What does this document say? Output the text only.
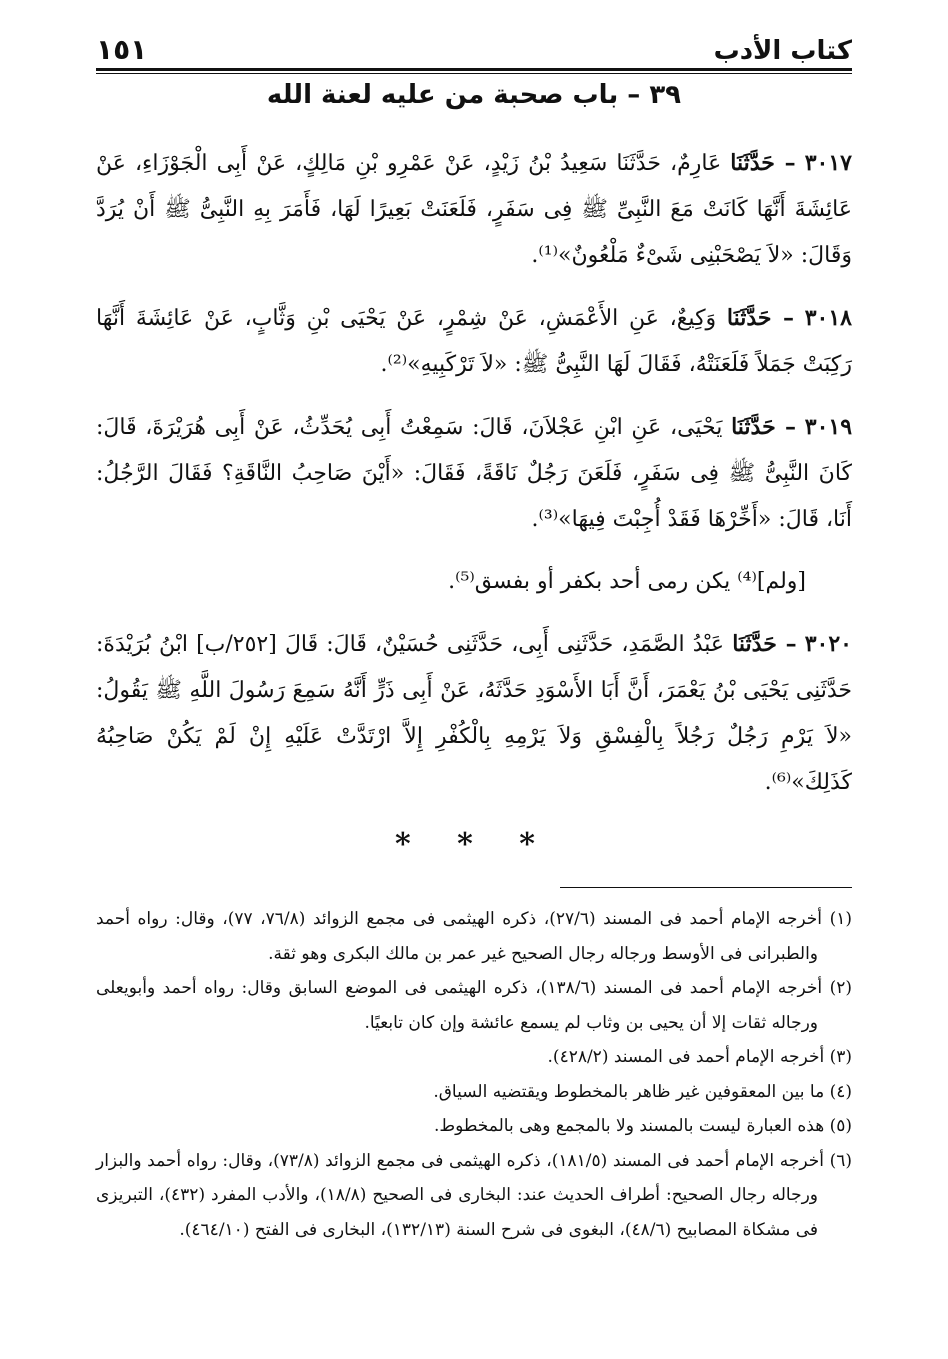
كتاب الأدب
١٥١
٣٩ – باب صحبة من عليه لعنة الله

٣٠١٧ – حَدَّثَنَا عَارِمٌ، حَدَّثَنَا سَعِيدُ بْنُ زَيْدٍ، عَنْ عَمْرِو بْنِ مَالِكٍ، عَنْ أَبِى الْجَوْزَاءِ، عَنْ عَائِشَةَ أَنَّهَا كَانَتْ مَعَ النَّبِىِّ ﷺ فِى سَفَرٍ، فَلَعَنَتْ بَعِيرًا لَهَا، فَأَمَرَ بِهِ النَّبِىُّ ﷺ أَنْ يُرَدَّ وَقَالَ: «لاَ يَصْحَبْنِى شَىْءٌ مَلْعُونٌ»⁽¹⁾.

٣٠١٨ – حَدَّثَنَا وَكِيعٌ، عَنِ الأَعْمَشِ، عَنْ شِمْرٍ، عَنْ يَحْيَى بْنِ وَثَّابٍ، عَنْ عَائِشَةَ أَنَّهَا رَكِبَتْ جَمَلاً فَلَعَنَتْهُ، فَقَالَ لَهَا النَّبِىُّ ﷺ: «لاَ تَرْكَبِيهِ»⁽²⁾.

٣٠١٩ – حَدَّثَنَا يَحْيَى، عَنِ ابْنِ عَجْلاَنَ، قَالَ: سَمِعْتُ أَبِى يُحَدِّثُ، عَنْ أَبِى هُرَيْرَةَ، قَالَ: كَانَ النَّبِىُّ ﷺ فِى سَفَرٍ، فَلَعَنَ رَجُلٌ نَاقَةً، فَقَالَ: «أَيْنَ صَاحِبُ النَّاقَةِ؟ فَقَالَ الرَّجُلُ: أَنَا، قَالَ: «أَخِّرْهَا فَقَدْ أُجِبْتَ فِيهَا»⁽³⁾.

[ولم]⁽⁴⁾ يكن رمى أحد بكفر أو بفسق⁽⁵⁾.

٣٠٢٠ – حَدَّثَنَا عَبْدُ الصَّمَدِ، حَدَّثَنِى أَبِى، حَدَّثَنِى حُسَيْنٌ، قَالَ: قَالَ [٢٥٢/ب] ابْنُ بُرَيْدَةَ: حَدَّثَنِى يَحْيَى بْنُ يَعْمَرَ، أَنَّ أَبَا الأَسْوَدِ حَدَّثَهُ، عَنْ أَبِى ذَرٍّ أَنَّهُ سَمِعَ رَسُولَ اللَّهِ ﷺ يَقُولُ: «لاَ يَرْمِ رَجُلٌ رَجُلاً بِالْفِسْقِ وَلاَ يَرْمِهِ بِالْكُفْرِ إِلاَّ ارْتَدَّتْ عَلَيْهِ إِنْ لَمْ يَكُنْ صَاحِبُهُ كَذَلِكَ»⁽⁶⁾.

* * *

(١) أخرجه الإمام أحمد فى المسند (٢٧/٦)، ذكره الهيثمى فى مجمع الزوائد (٧٦/٨، ٧٧)، وقال: رواه أحمد والطبرانى فى الأوسط ورجاله رجال الصحيح غير عمر بن مالك البكرى وهو ثقة.

(٢) أخرجه الإمام أحمد فى المسند (١٣٨/٦)، ذكره الهيثمى فى الموضع السابق وقال: رواه أحمد وأبويعلى ورجاله ثقات إلا أن يحيى بن وثاب لم يسمع عائشة وإن كان تابعيًا.

(٣) أخرجه الإمام أحمد فى المسند (٤٢٨/٢).

(٤) ما بين المعقوفين غير ظاهر بالمخطوط ويقتضيه السياق.

(٥) هذه العبارة ليست بالمسند ولا بالمجمع وهى بالمخطوط.

(٦) أخرجه الإمام أحمد فى المسند (١٨١/٥)، ذكره الهيثمى فى مجمع الزوائد (٧٣/٨)، وقال: رواه أحمد والبزار ورجاله رجال الصحيح: أطراف الحديث عند: البخارى فى الصحيح (١٨/٨)، والأدب المفرد (٤٣٢)، التبريزى فى مشكاة المصابيح (٤٨/٦)، البغوى فى شرح السنة (١٣٢/١٣)، البخارى فى الفتح (٤٦٤/١٠).
